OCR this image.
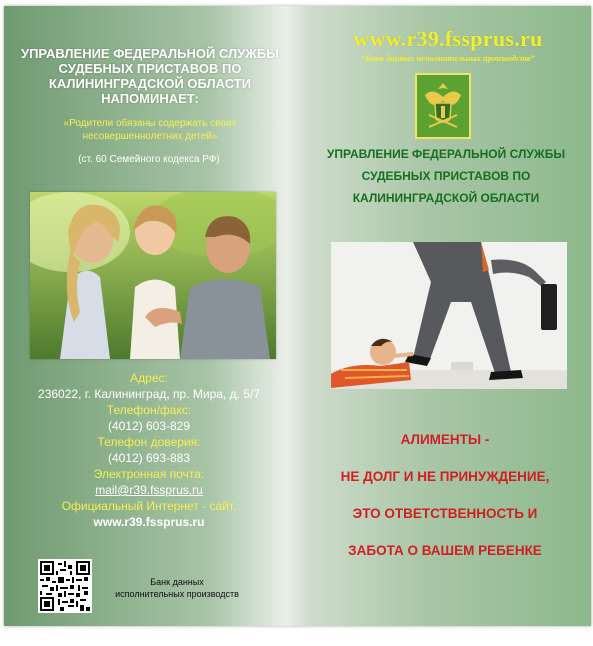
УПРАВЛЕНИЕ ФЕДЕРАЛЬНОЙ СЛУЖБЫ
СУДЕБНЫХ ПРИСТАВОВ ПО
КАЛИНИНГРАДСКОЙ ОБЛАСТИ
НАПОМИНАЕТ:
«Родители обязаны содержать своих несовершеннолетних детей»
(ст. 60 Семейного кодекса РФ)
Адрес:
236022, г. Калининград, пр. Мира, д. 5/7
Телефон/факс:
(4012) 603-829
Телефон доверия:
(4012) 693-883
Электронная почта:
mail@r39.fssprus.ru
Официальный Интернет - сайт,
www.r39.fssprus.ru
Банк данных
исполнительных производств
www.r39.fssprus.ru
“Банк данных исполнительных производств”
УПРАВЛЕНИЕ ФЕДЕРАЛЬНОЙ СЛУЖБЫ
СУДЕБНЫХ ПРИСТАВОВ ПО
КАЛИНИНГРАДСКОЙ ОБЛАСТИ
АЛИМЕНТЫ -
НЕ ДОЛГ И НЕ ПРИНУЖДЕНИЕ,
ЭТО ОТВЕТСТВЕННОСТЬ И
ЗАБОТА О ВАШЕМ РЕБЕНКЕ
